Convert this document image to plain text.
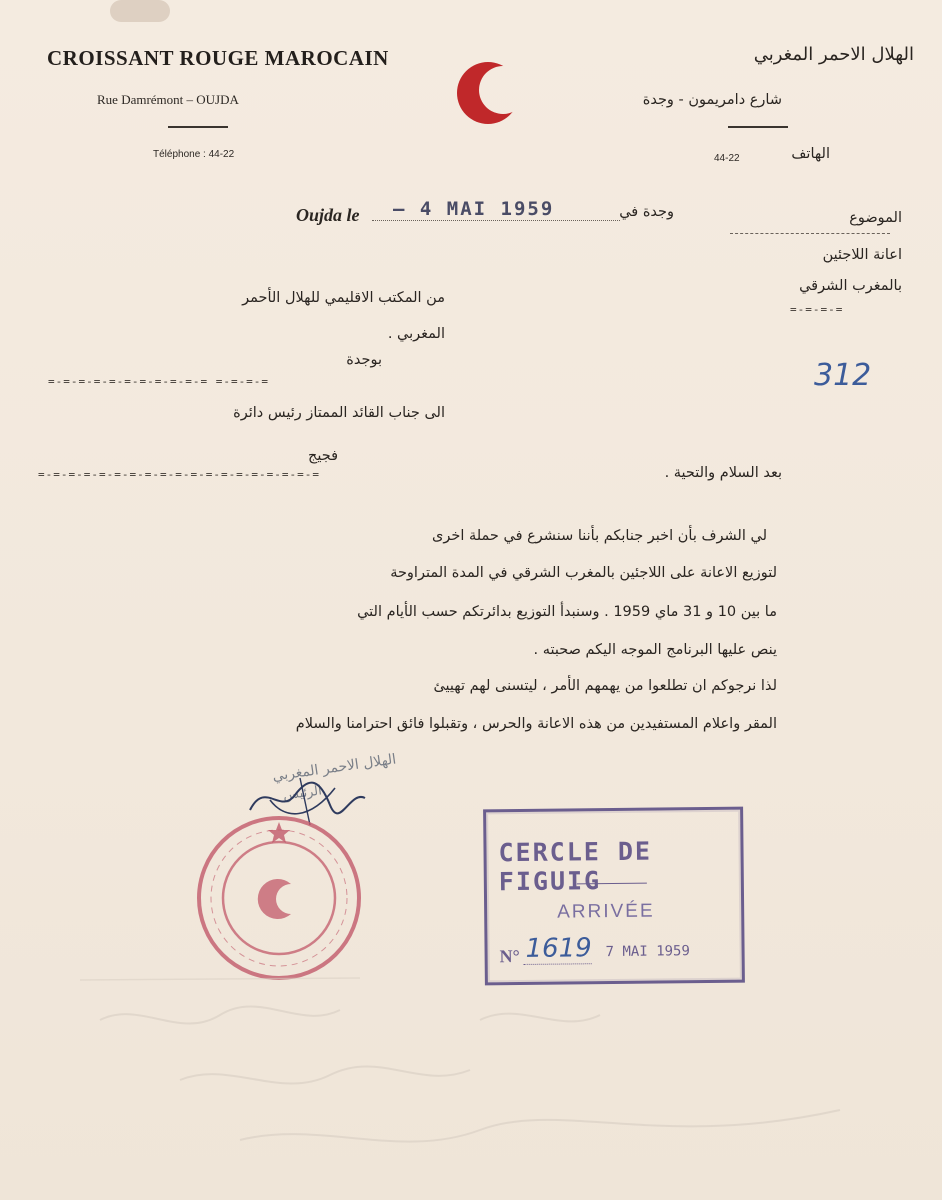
CROISSANT ROUGE MAROCAIN
Rue Damrémont – OUJDA
Téléphone : 44-22
الهلال الاحمر المغربي
شارع دامريمون - وجدة
44-22	الهاتف
Oujda le – 4 MAI 1959	وجدة في	الموضوع
اعانة اللاجئين
بالمغرب الشرقي
=-=-=-=
312
من المكتب الاقليمي للهلال الأحمر
المغربي .
بوجدة
=-=-=-=-=-=-=-=-=-=-= =-=-=-=
الى جناب القائد الممتاز رئيس دائرة
فجيج
=-=-=-=-=-=-=-=-=-=-=-=-=-=-=-=-=-=-=	بعد السلام والتحية .
لي الشرف بأن اخبر جنابكم بأننا سنشرع في حملة اخرى
لتوزيع الاعانة على اللاجئين بالمغرب الشرقي في المدة المتراوحة
ما بين 10 و 31 ماي 1959 . وسنبدأ التوزيع بدائرتكم حسب الأيام التي
ينص عليها البرنامج الموجه اليكم صحبته .
لذا نرجوكم ان تطلعوا من يهمهم الأمر ، ليتسنى لهم تهييئ
المقر واعلام المستفيدين من هذه الاعانة والحرس ، وتقبلوا فائق احترامنا والسلام
الهلال الاحمر المغربي
الرئيس
CERCLE DE FIGUIG
ARRIVÉE
N° 1619 7 MAI 1959
